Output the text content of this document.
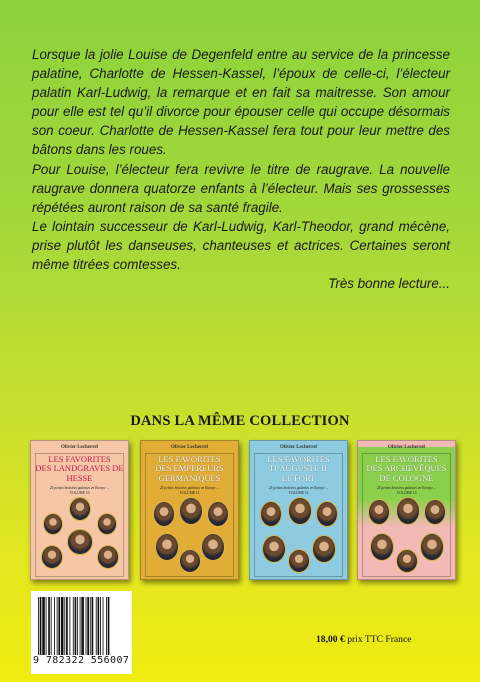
Lorsque la jolie Louise de Degenfeld entre au service de la princesse palatine, Charlotte de Hessen-Kassel, l’époux de celle-ci, l’électeur palatin Karl-Ludwig, la remarque et en fait sa maitresse. Son amour pour elle est tel qu’il divorce pour épouser celle qui occupe désormais son coeur. Charlotte de Hessen-Kassel fera tout pour leur mettre des bâtons dans les roues.

Pour Louise, l’électeur fera revivre le titre de raugrave. La nouvelle raugrave donnera quatorze enfants à l’électeur. Mais ses grossesses répétées auront raison de sa santé fragile.

Le lointain successeur de Karl-Ludwig, Karl-Theodor, grand mécène, prise plutôt les danseuses, chanteuses et actrices. Certaines seront même titrées comtesses.

Très bonne lecture...

DANS LA MÊME COLLECTION
Olivier Lecherrel
LES FAVORITES
DES LANDGRAVES DE
HESSE
25 petites histoires galantes en Europe ...
VOLUME 10
Olivier Lecherrel
LES FAVORITES
DES EMPEREURS
GERMANIQUES
25 petites histoires galantes en Europe ...
VOLUME 11
Olivier Lecherrel
LES FAVORITES
D’AUGUSTE II
LE FORT
25 petites histoires galantes en Europe ...
VOLUME 12
Olivier Lecherrel
LES FAVORITES
DES ARCHEVÊQUES
DE COLOGNE
25 petites histoires galantes en Europe ...
VOLUME 13
9 782322 556007
18,00 € prix TTC France
